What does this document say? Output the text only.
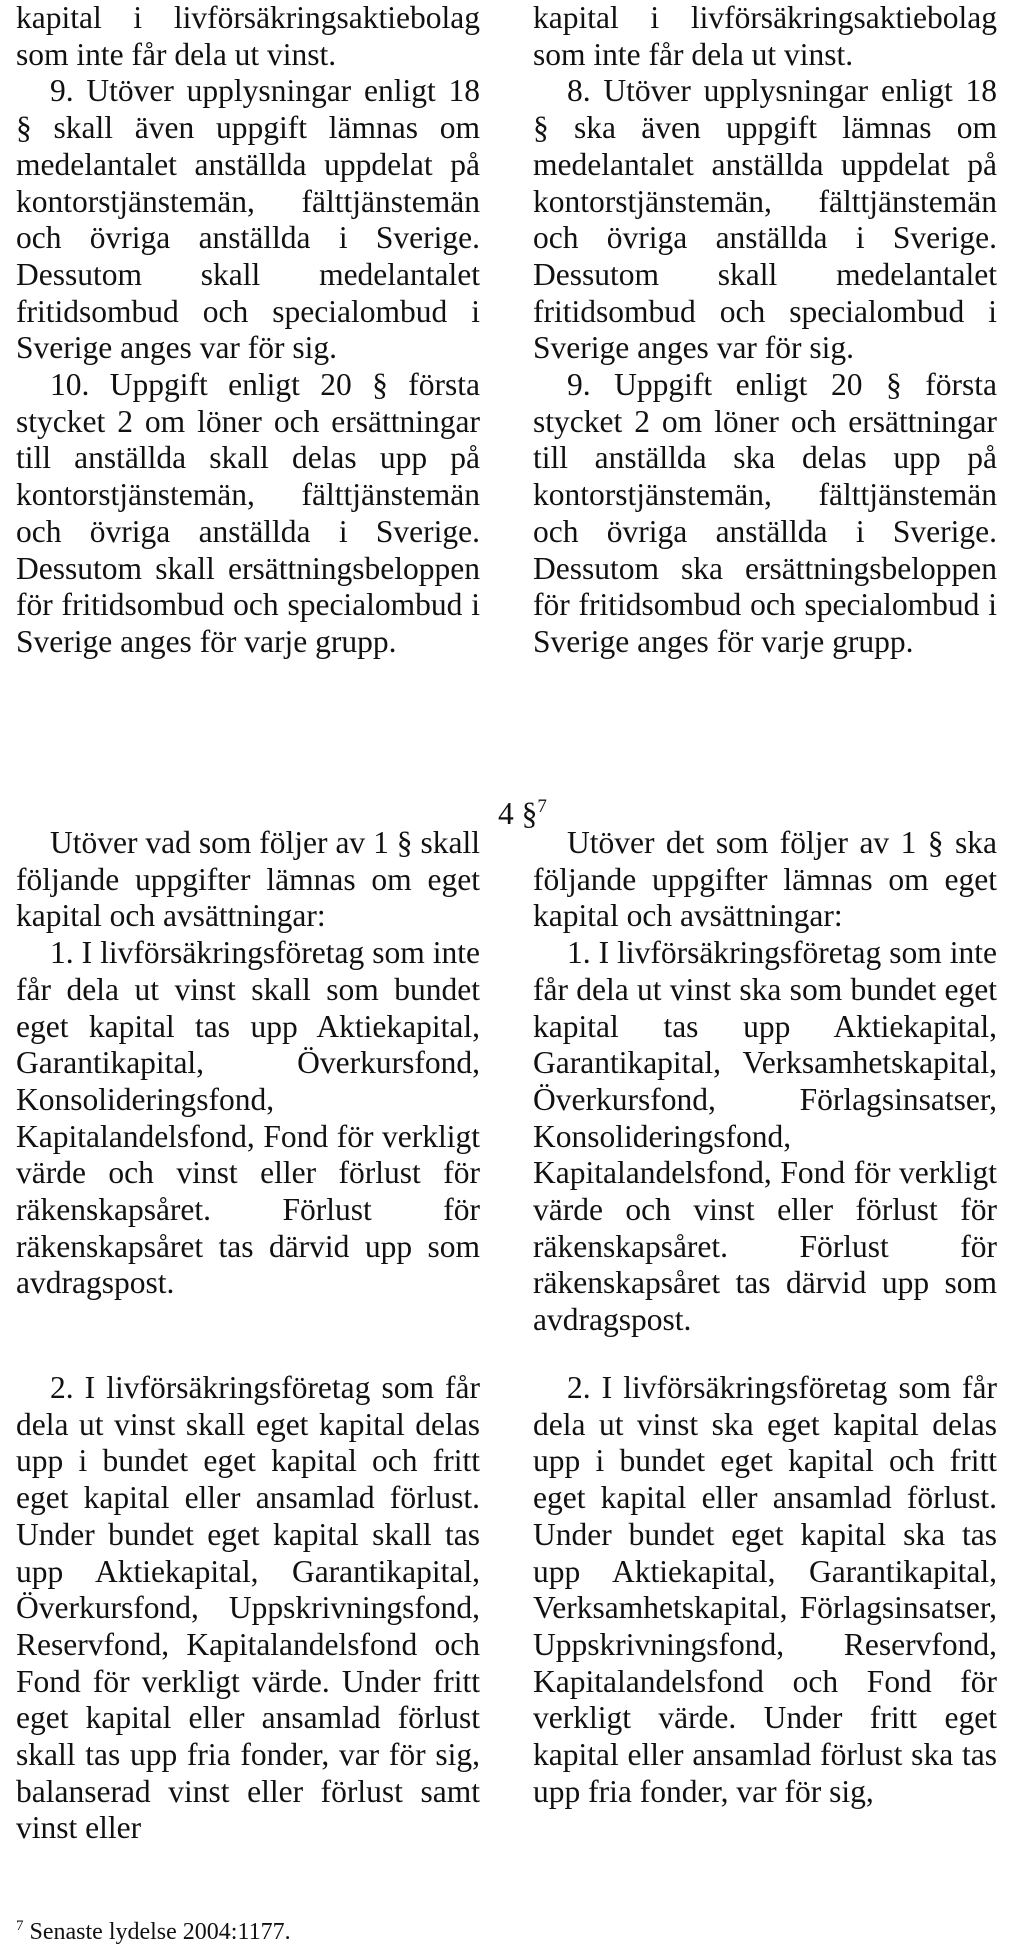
kapital i livförsäkringsaktiebolag som inte får dela ut vinst.

9. Utöver upplysningar enligt 18 § skall även uppgift lämnas om medelantalet anställda uppdelat på kontorstjänstemän, fälttjänstemän och övriga anställda i Sverige. Dessutom skall medelantalet fritidsombud och specialombud i Sverige anges var för sig.

10. Uppgift enligt 20 § första stycket 2 om löner och ersättningar till anställda skall delas upp på kontorstjänstemän, fälttjänstemän och övriga anställda i Sverige. Dessutom skall ersättningsbeloppen för fritidsombud och specialombud i Sverige anges för varje grupp.

kapital i livförsäkringsaktiebolag som inte får dela ut vinst.

8. Utöver upplysningar enligt 18 § ska även uppgift lämnas om medelantalet anställda uppdelat på kontorstjänstemän, fälttjänstemän och övriga anställda i Sverige. Dessutom skall medelantalet fritidsombud och specialombud i Sverige anges var för sig.

9. Uppgift enligt 20 § första stycket 2 om löner och ersättningar till anställda ska delas upp på kontorstjänstemän, fälttjänstemän och övriga anställda i Sverige. Dessutom ska ersättningsbeloppen för fritidsombud och specialombud i Sverige anges för varje grupp.

4 §$^7$

Utöver vad som följer av 1 § skall följande uppgifter lämnas om eget kapital och avsättningar:

1. I livförsäkringsföretag som inte får dela ut vinst skall som bundet eget kapital tas upp Aktiekapital, Garantikapital, Överkursfond, Konsolideringsfond, Kapitalandelsfond, Fond för verkligt värde och vinst eller förlust för räkenskapsåret. Förlust för räkenskapsåret tas därvid upp som avdragspost.

Utöver det som följer av 1 § ska följande uppgifter lämnas om eget kapital och avsättningar:

1. I livförsäkringsföretag som inte får dela ut vinst ska som bundet eget kapital tas upp Aktiekapital, Garantikapital, Verksamhetskapital, Överkursfond, Förlagsinsatser, Konsolideringsfond, Kapitalandelsfond, Fond för verkligt värde och vinst eller förlust för räkenskapsåret. Förlust för räkenskapsåret tas därvid upp som avdragspost.

2. I livförsäkringsföretag som får dela ut vinst skall eget kapital delas upp i bundet eget kapital och fritt eget kapital eller ansamlad förlust. Under bundet eget kapital skall tas upp Aktiekapital, Garantikapital, Överkursfond, Uppskrivningsfond, Reservfond, Kapitalandelsfond och Fond för verkligt värde. Under fritt eget kapital eller ansamlad förlust skall tas upp fria fonder, var för sig, balanserad vinst eller förlust samt vinst eller

2. I livförsäkringsföretag som får dela ut vinst ska eget kapital delas upp i bundet eget kapital och fritt eget kapital eller ansamlad förlust. Under bundet eget kapital ska tas upp Aktiekapital, Garantikapital, Verksamhetskapital, Förlagsinsatser, Uppskrivningsfond, Reservfond, Kapitalandelsfond och Fond för verkligt värde. Under fritt eget kapital eller ansamlad förlust ska tas upp fria fonder, var för sig,

$^7$ Senaste lydelse 2004:1177.
